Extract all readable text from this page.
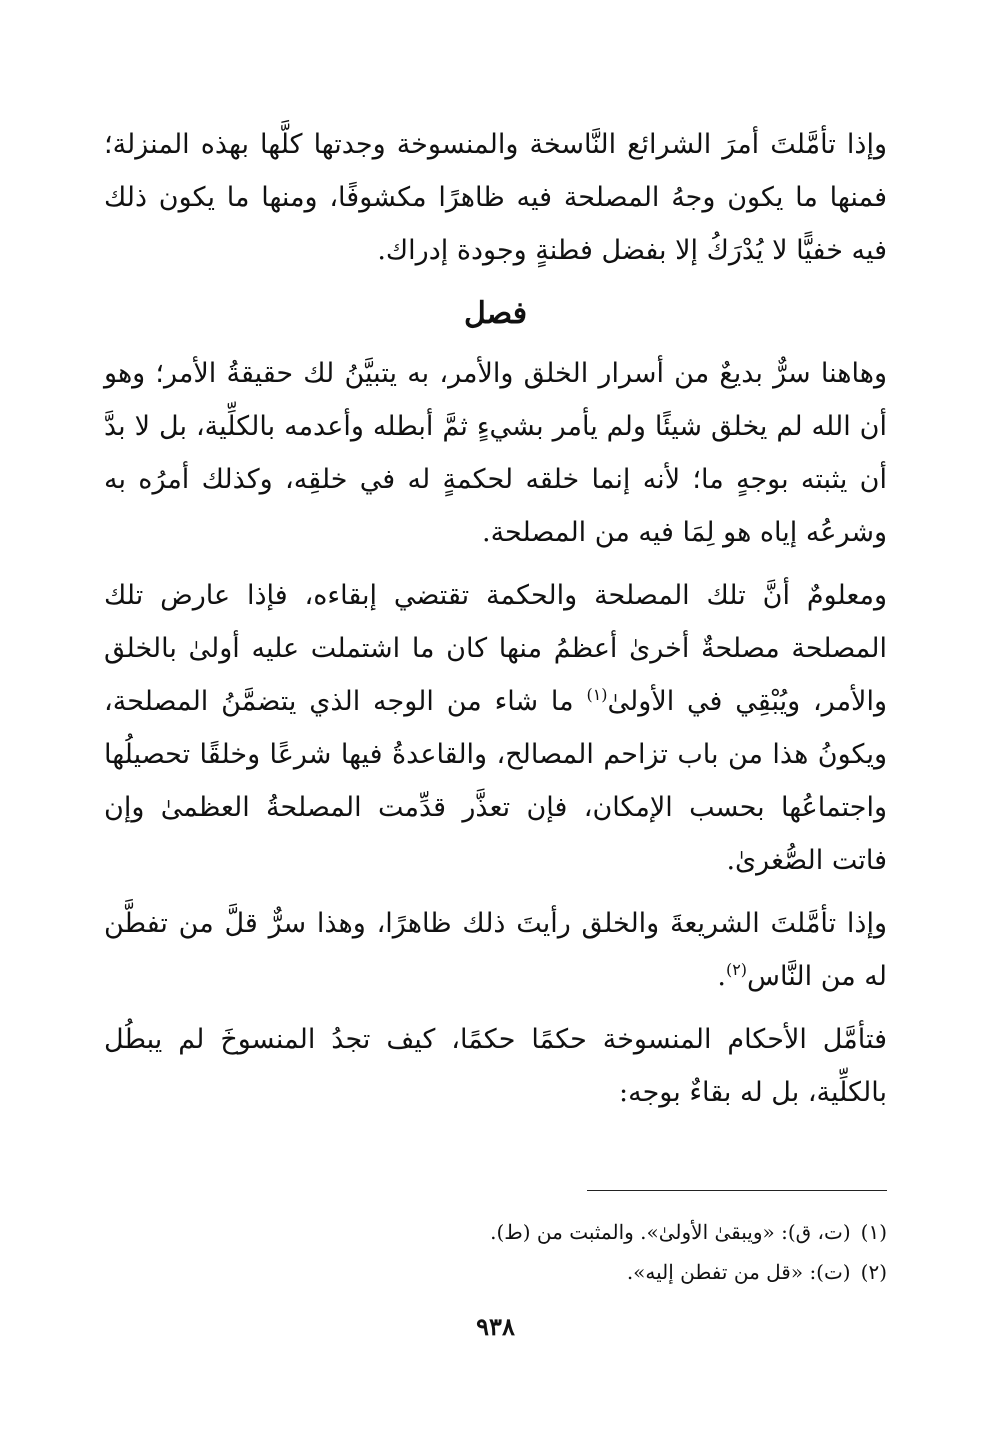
وإذا تأمَّلتَ أمرَ الشرائع النَّاسخة والمنسوخة وجدتها كلَّها بهذه المنزلة؛ فمنها ما يكون وجهُ المصلحة فيه ظاهرًا مكشوفًا، ومنها ما يكون ذلك فيه خفيًّا لا يُدْرَكُ إلا بفضل فطنةٍ وجودة إدراك.

فصل

وهاهنا سرٌّ بديعٌ من أسرار الخلق والأمر، به يتبيَّنُ لك حقيقةُ الأمر؛ وهو أن الله لم يخلق شيئًا ولم يأمر بشيءٍ ثمَّ أبطله وأعدمه بالكلِّية، بل لا بدَّ أن يثبته بوجهٍ ما؛ لأنه إنما خلقه لحكمةٍ له في خلقِه، وكذلك أمرُه به وشرعُه إياه هو لِمَا فيه من المصلحة.

ومعلومٌ أنَّ تلك المصلحة والحكمة تقتضي إبقاءه، فإذا عارض تلك المصلحة مصلحةٌ أخرىٰ أعظمُ منها كان ما اشتملت عليه أولىٰ بالخلق والأمر، ويُبْقِي في الأولىٰ$^{(١)}$ ما شاء من الوجه الذي يتضمَّنُ المصلحة، ويكونُ هذا من باب تزاحم المصالح، والقاعدةُ فيها شرعًا وخلقًا تحصيلُها واجتماعُها بحسب الإمكان، فإن تعذَّر قدِّمت المصلحةُ العظمىٰ وإن فاتت الصُّغرىٰ.

وإذا تأمَّلتَ الشريعةَ والخلق رأيتَ ذلك ظاهرًا، وهذا سرٌّ قلَّ من تفطَّن له من النَّاس$^{(٢)}$.

فتأمَّل الأحكام المنسوخة حكمًا حكمًا، كيف تجدُ المنسوخَ لم يبطُل بالكلِّية، بل له بقاءٌ بوجه:

(١)(ت، ق): «ويبقىٰ الأولىٰ». والمثبت من (ط).

(٢)(ت): «قل من تفطن إليه».

٩٣٨
